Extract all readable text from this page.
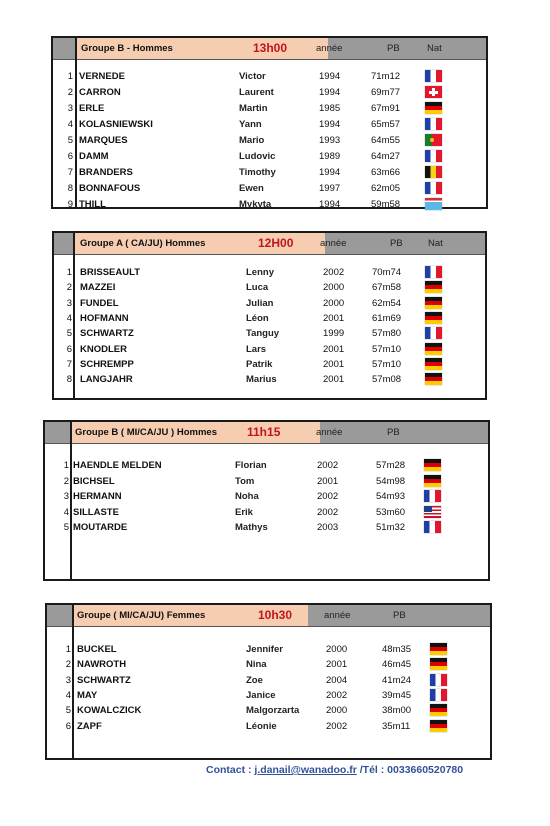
Groupe B - Hommes	13h00	année	PB	Nat
1 VERNEDE	Victor	1994	71m12
2 CARRON	Laurent	1994	69m77
3 ERLE	Martin	1985	67m91
4 KOLASNIEWSKI	Yann	1994	65m57
5 MARQUES	Mario	1993	64m55
6 DAMM	Ludovic	1989	64m27
7 BRANDERS	Timothy	1994	63m66
8 BONNAFOUS	Ewen	1997	62m05
9 THILL	Mykyta	1994	59m58
Groupe A ( CA/JU) Hommes	12H00	année	PB	Nat
1 BRISSEAULT	Lenny	2002	70m74
2 MAZZEI	Luca	2000	67m58
3 FUNDEL	Julian	2000	62m54
4 HOFMANN	Léon	2001	61m69
5 SCHWARTZ	Tanguy	1999	57m80
6 KNODLER	Lars	2001	57m10
7 SCHREMPP	Patrik	2001	57m10
8 LANGJAHR	Marius	2001	57m08
Groupe B ( MI/CA/JU ) Hommes	11h15	année	PB
1 HAENDLE MELDEN	Florian	2002	57m28
2 BICHSEL	Tom	2001	54m98
3 HERMANN	Noha	2002	54m93
4 SILLASTE	Erik	2002	53m60
5 MOUTARDE	Mathys	2003	51m32
Groupe ( MI/CA/JU) Femmes	10h30	année	PB
1 BUCKEL	Jennifer	2000	48m35
2 NAWROTH	Nina	2001	46m45
3 SCHWARTZ	Zoe	2004	41m24
4 MAY	Janice	2002	39m45
5 KOWALCZICK	Malgorzarta	2000	38m00
6 ZAPF	Léonie	2002	35m11
Contact : j.danail@wanadoo.fr /Tél : 0033660520780
